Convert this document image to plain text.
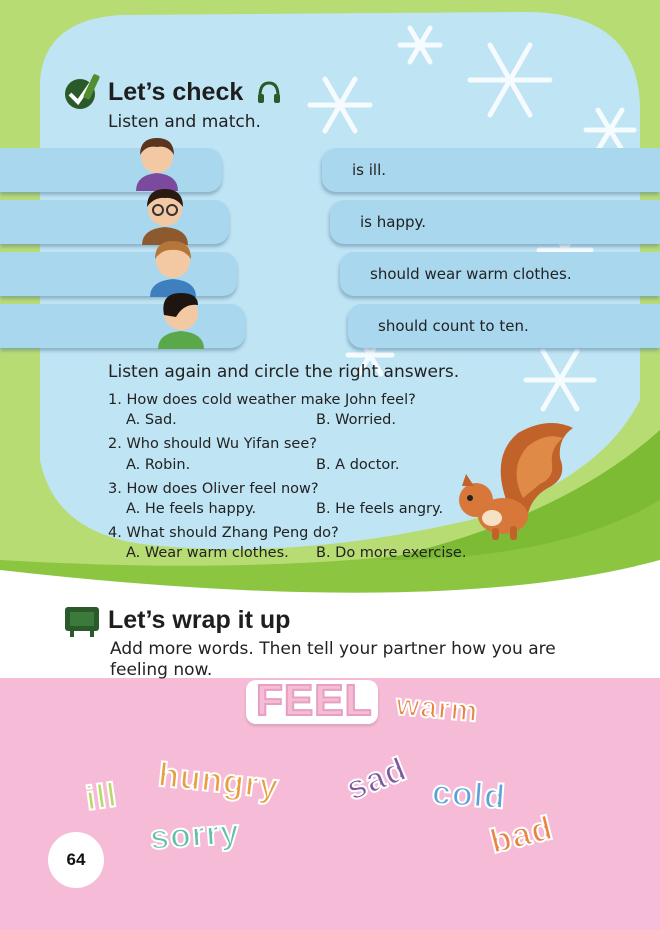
Let’s check
Listen and match.
is ill.
is happy.
should wear warm clothes.
should count to ten.
Listen again and circle the right answers.
1. How does cold weather make John feel?
A. Sad.	B. Worried.
2. Who should Wu Yifan see?
A. Robin.	B. A doctor.
3. How does Oliver feel now?
A. He feels happy.	B. He feels angry.
4. What should Zhang Peng do?
A. Wear warm clothes. B. Do more exercise.
Let’s wrap it up
Add more words. Then tell your partner how you are
feeling now.
FEEL warm
ill hungry sad cold
sorry	bad
64
